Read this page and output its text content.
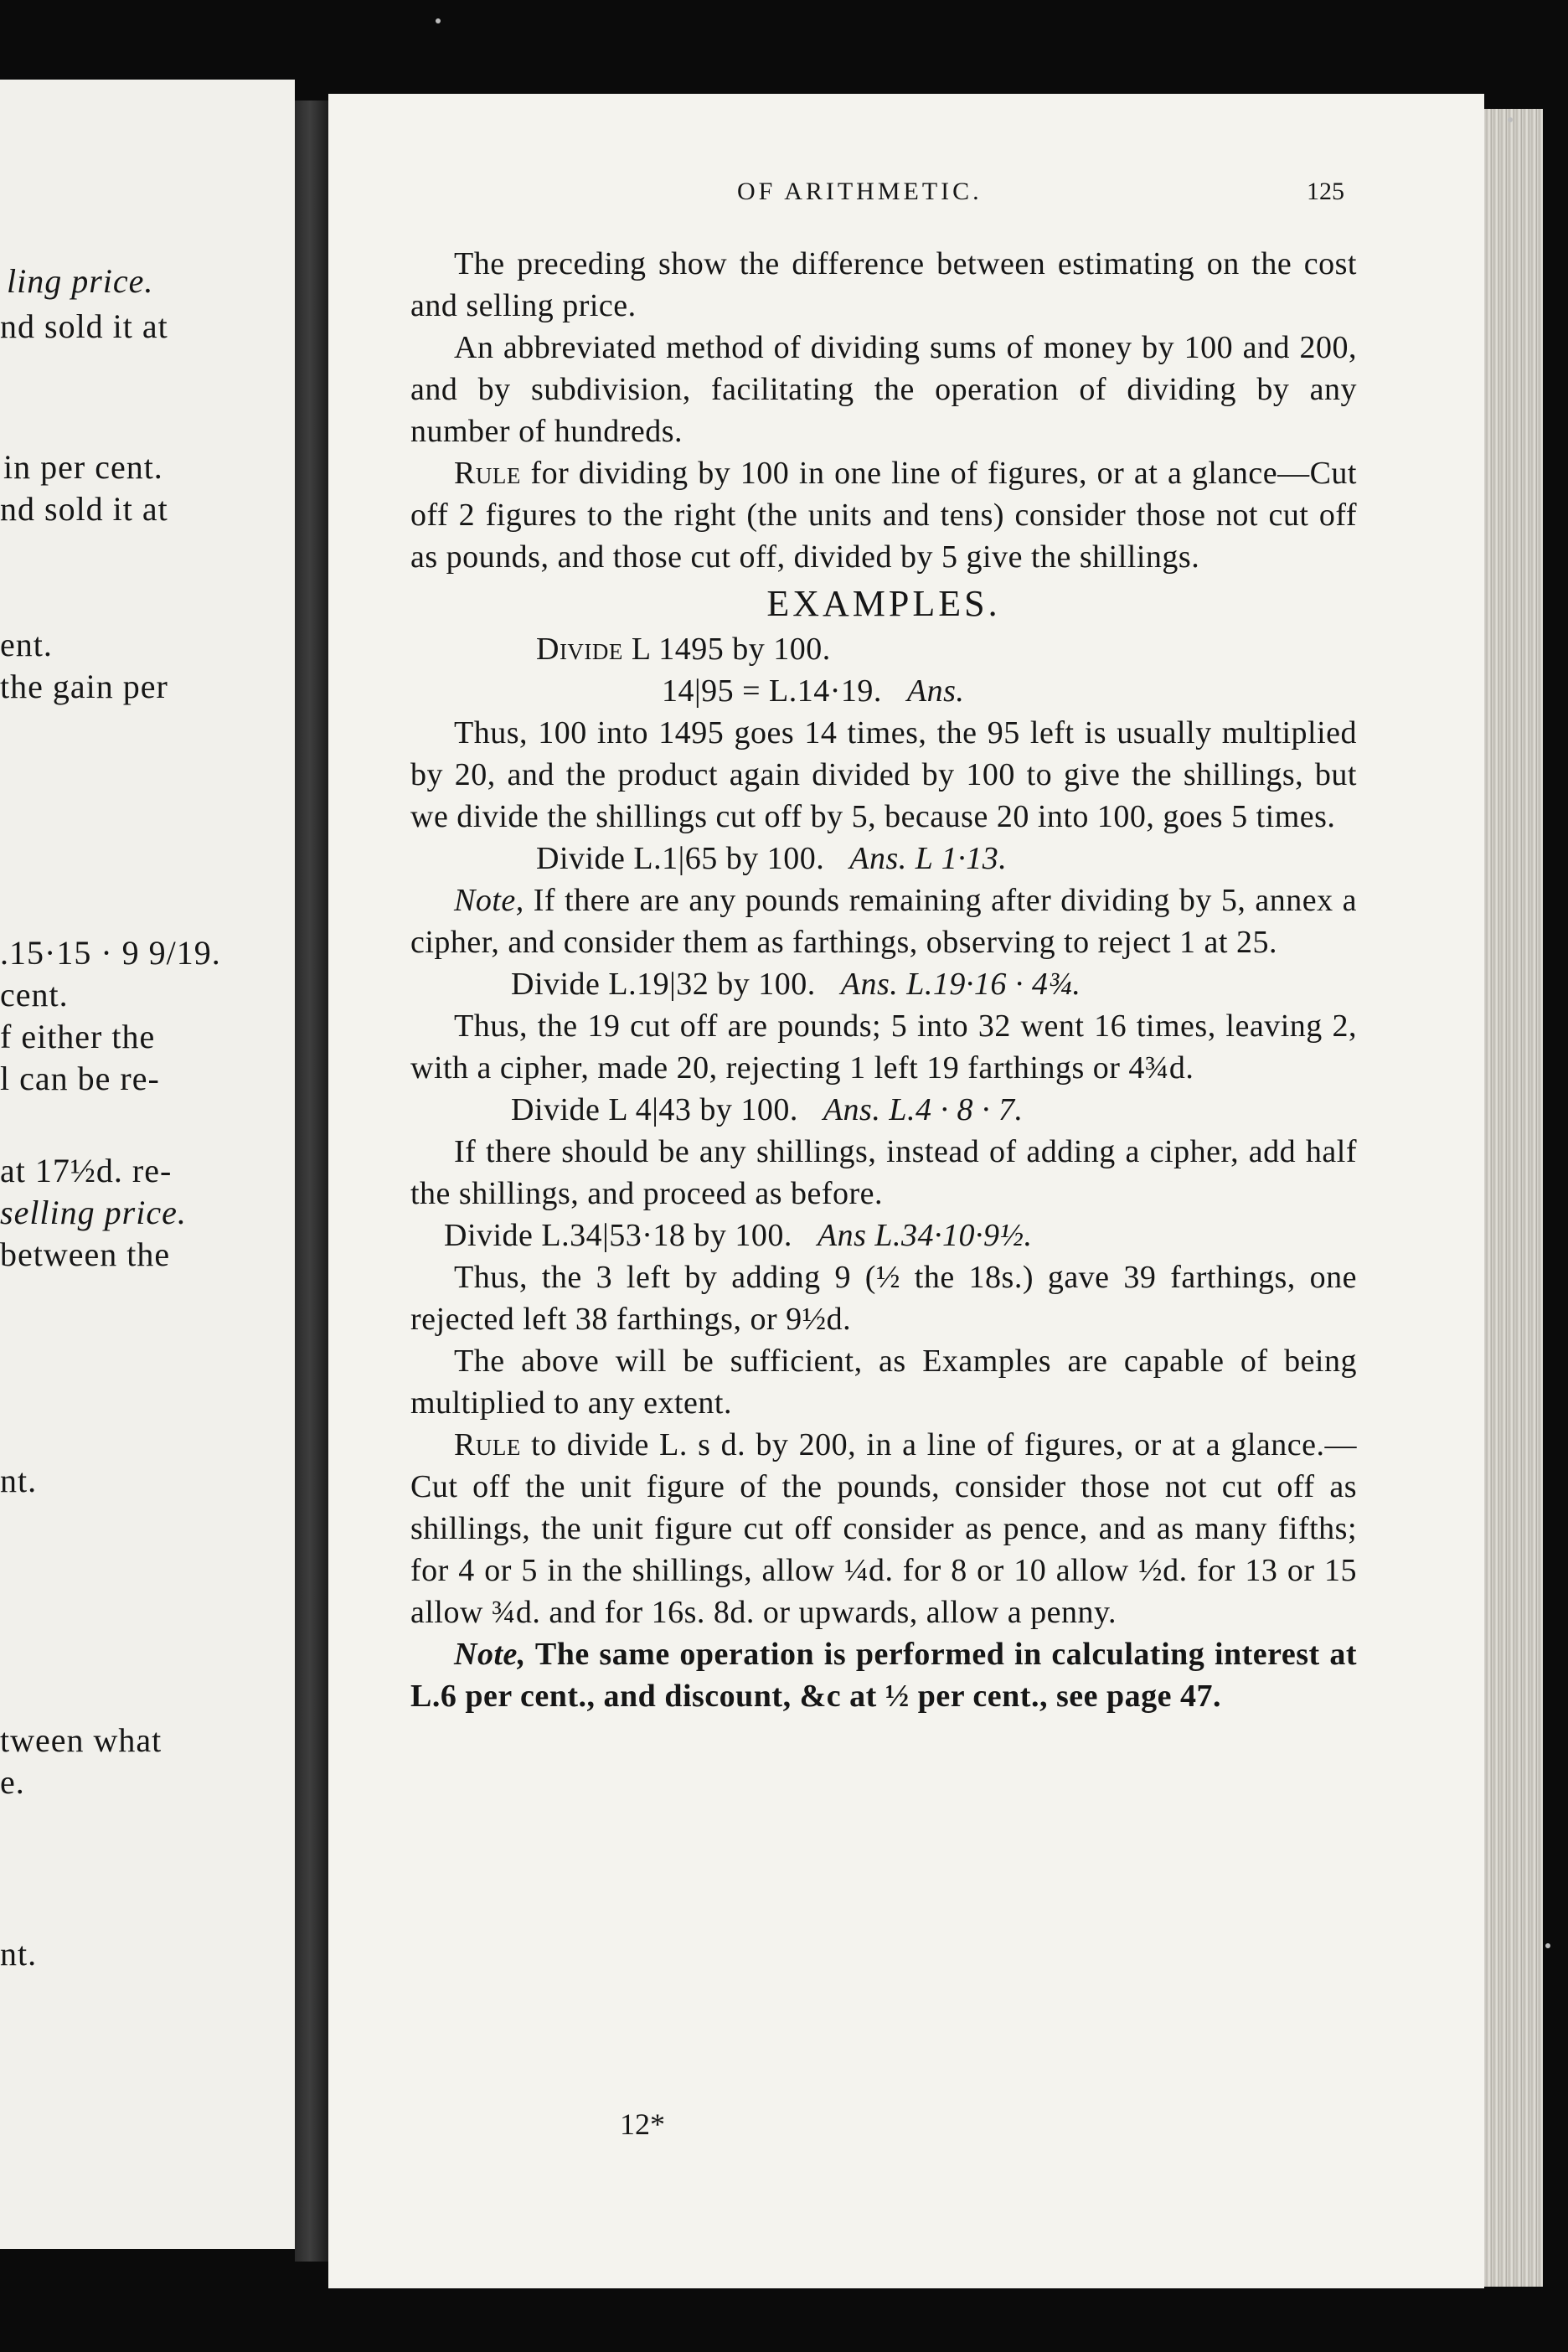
ling price.
nd sold it at
in per cent.
nd sold it at
ent.
the gain per
.15·15 · 9 9/19.
cent.
f either the
l can be re-
at 17½d. re-
selling price.
between the
nt.
tween what
e.
nt.
OF ARITHMETIC.	125

The preceding show the difference between estimating on the cost and selling price.

An abbreviated method of dividing sums of money by 100 and 200, and by subdivision, facilitating the operation of dividing by any number of hundreds.

Rule for dividing by 100 in one line of figures, or at a glance—Cut off 2 figures to the right (the units and tens) consider those not cut off as pounds, and those cut off, divided by 5 give the shillings.

EXAMPLES.
Divide L 1495 by 100.
14|95 = L.14·19. Ans.

Thus, 100 into 1495 goes 14 times, the 95 left is usually multiplied by 20, and the product again divided by 100 to give the shillings, but we divide the shillings cut off by 5, because 20 into 100, goes 5 times.

Divide L.1|65 by 100. Ans. L 1·13.

Note, If there are any pounds remaining after dividing by 5, annex a cipher, and consider them as farthings, observing to reject 1 at 25.

Divide L.19|32 by 100. Ans. L.19·16 · 4¾.

Thus, the 19 cut off are pounds; 5 into 32 went 16 times, leaving 2, with a cipher, made 20, rejecting 1 left 19 farthings or 4¾d.

Divide L 4|43 by 100. Ans. L.4 · 8 · 7.

If there should be any shillings, instead of adding a cipher, add half the shillings, and proceed as before.

Divide L.34|53·18 by 100. Ans L.34·10·9½.

Thus, the 3 left by adding 9 (½ the 18s.) gave 39 farthings, one rejected left 38 farthings, or 9½d.

The above will be sufficient, as Examples are capable of being multiplied to any extent.

Rule to divide L. s d. by 200, in a line of figures, or at a glance.—Cut off the unit figure of the pounds, consider those not cut off as shillings, the unit figure cut off consider as pence, and as many fifths; for 4 or 5 in the shillings, allow ¼d. for 8 or 10 allow ½d. for 13 or 15 allow ¾d. and for 16s. 8d. or upwards, allow a penny.

Note, The same operation is performed in calculating interest at L.6 per cent., and discount, &c at ½ per cent., see page 47.

12*
